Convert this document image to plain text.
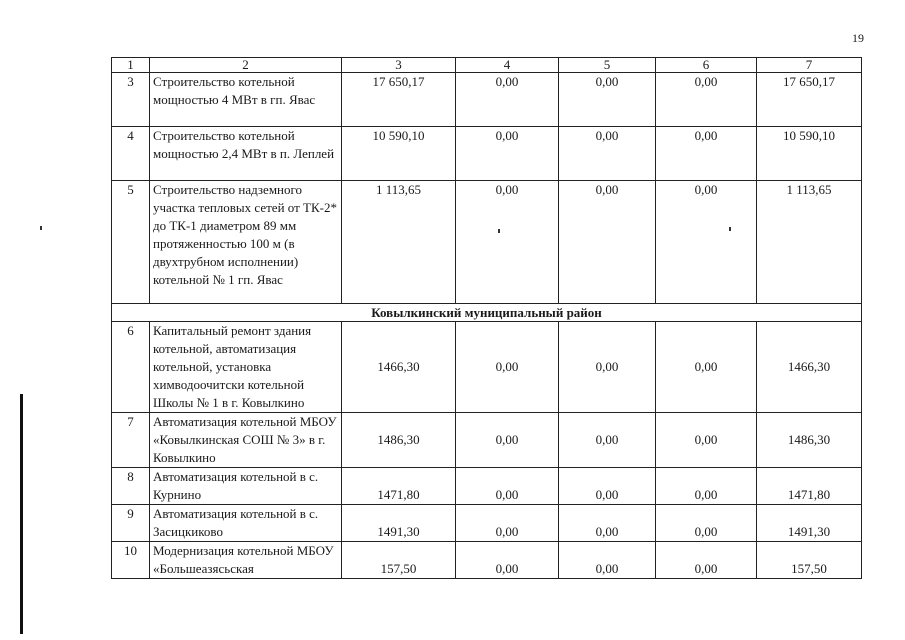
19
1	2	3	4	5	6	7
3	Строительство котельной мощностью 4 МВт в гп. Явас	17 650,17	0,00	0,00	0,00	17 650,17
4	Строительство котельной мощностью 2,4 МВт в п. Леплей	10 590,10	0,00	0,00	0,00	10 590,10
5	Строительство надземного участка тепловых сетей от ТК-2* до ТК-1 диаметром 89 мм протяженностью 100 м (в двухтрубном исполнении) котельной № 1 гп. Явас	1 113,65	0,00	0,00	0,00	1 113,65
Ковылкинский муниципальный район						
6	Капитальный ремонт здания котельной, автоматизация котельной, установка химводоочитски котельной Школы № 1 в г. Ковылкино	1466,30	0,00	0,00	0,00	1466,30
7	Автоматизация котельной МБОУ «Ковылкинская СОШ № 3» в г. Ковылкино	1486,30	0,00	0,00	0,00	1486,30
8	Автоматизация котельной в с. Курнино	1471,80	0,00	0,00	0,00	1471,80
9	Автоматизация котельной в с. Засицкиково	1491,30	0,00	0,00	0,00	1491,30
10	Модернизация котельной МБОУ «Большеазясьская	157,50	0,00	0,00	0,00	157,50
